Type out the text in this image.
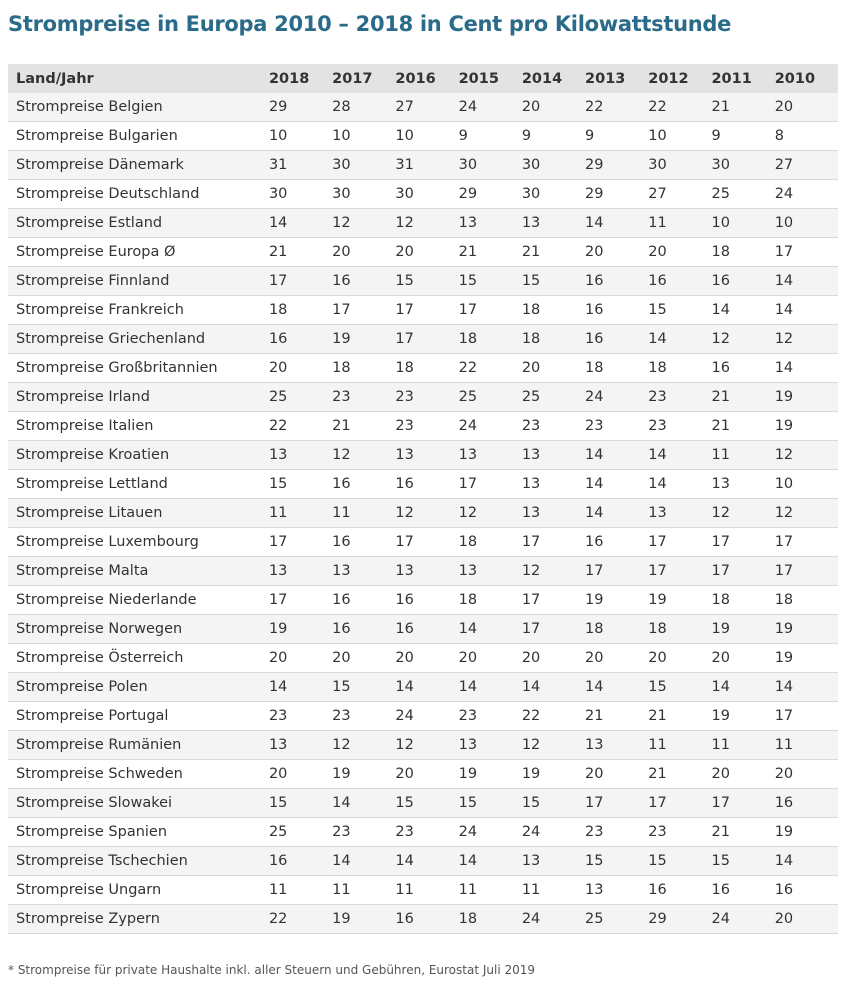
Strompreise in Europa 2010 – 2018 in Cent pro Kilowattstunde
Land/Jahr	2018	2017	2016	2015	2014	2013	2012	2011	2010
Strompreise Belgien	29	28	27	24	20	22	22	21	20
Strompreise Bulgarien	10	10	10	9	9	9	10	9	8
Strompreise Dänemark	31	30	31	30	30	29	30	30	27
Strompreise Deutschland	30	30	30	29	30	29	27	25	24
Strompreise Estland	14	12	12	13	13	14	11	10	10
Strompreise Europa Ø	21	20	20	21	21	20	20	18	17
Strompreise Finnland	17	16	15	15	15	16	16	16	14
Strompreise Frankreich	18	17	17	17	18	16	15	14	14
Strompreise Griechenland	16	19	17	18	18	16	14	12	12
Strompreise Großbritannien	20	18	18	22	20	18	18	16	14
Strompreise Irland	25	23	23	25	25	24	23	21	19
Strompreise Italien	22	21	23	24	23	23	23	21	19
Strompreise Kroatien	13	12	13	13	13	14	14	11	12
Strompreise Lettland	15	16	16	17	13	14	14	13	10
Strompreise Litauen	11	11	12	12	13	14	13	12	12
Strompreise Luxembourg	17	16	17	18	17	16	17	17	17
Strompreise Malta	13	13	13	13	12	17	17	17	17
Strompreise Niederlande	17	16	16	18	17	19	19	18	18
Strompreise Norwegen	19	16	16	14	17	18	18	19	19
Strompreise Österreich	20	20	20	20	20	20	20	20	19
Strompreise Polen	14	15	14	14	14	14	15	14	14
Strompreise Portugal	23	23	24	23	22	21	21	19	17
Strompreise Rumänien	13	12	12	13	12	13	11	11	11
Strompreise Schweden	20	19	20	19	19	20	21	20	20
Strompreise Slowakei	15	14	15	15	15	17	17	17	16
Strompreise Spanien	25	23	23	24	24	23	23	21	19
Strompreise Tschechien	16	14	14	14	13	15	15	15	14
Strompreise Ungarn	11	11	11	11	11	13	16	16	16
Strompreise Zypern	22	19	16	18	24	25	29	24	20
* Strompreise für private Haushalte inkl. aller Steuern und Gebühren, Eurostat Juli 2019
